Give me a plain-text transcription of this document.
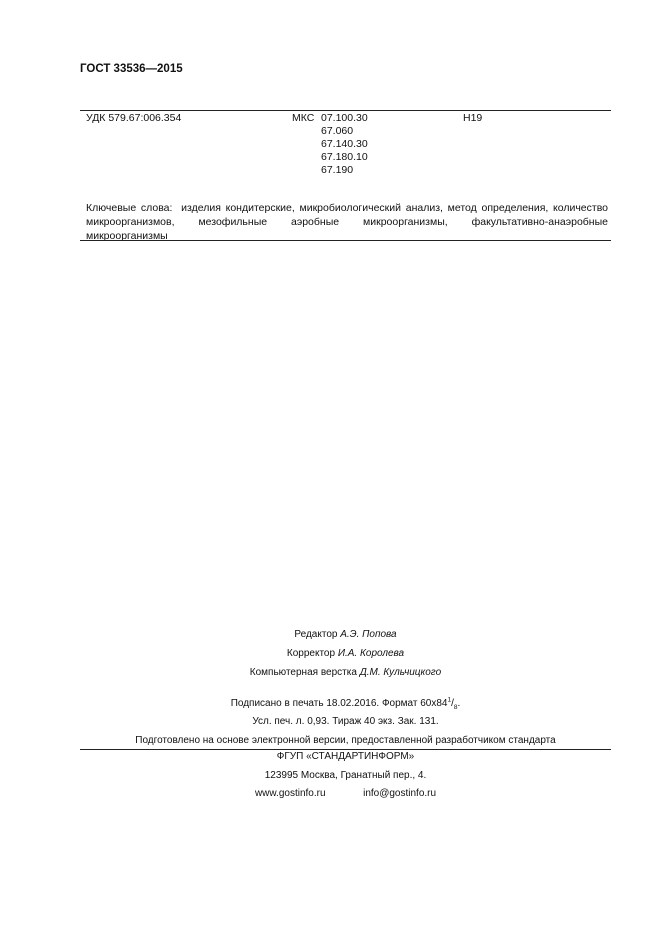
ГОСТ 33536—2015
УДК 579.67:006.354	МКС 07.100.30
67.060
67.140.30
67.180.10
67.190
Н19
Ключевые слова: изделия кондитерские, микробиологический анализ, метод определения, количество микроорганизмов, мезофильные аэробные микроорганизмы, факультативно-анаэробные микроорганизмы
Редактор А.Э. Попова
Корректор И.А. Королева
Компьютерная верстка Д.М. Кульчицкого
Подписано в печать 18.02.2016. Формат $60x84^1/_8$.
Усл. печ. л. 0,93. Тираж 40 экз. Зак. 131.
Подготовлено на основе электронной версии, предоставленной разработчиком стандарта
ФГУП «СТАНДАРТИНФОРМ»
123995 Москва, Гранатный пер., 4.
www.gostinfo.ru	info@gostinfo.ru
